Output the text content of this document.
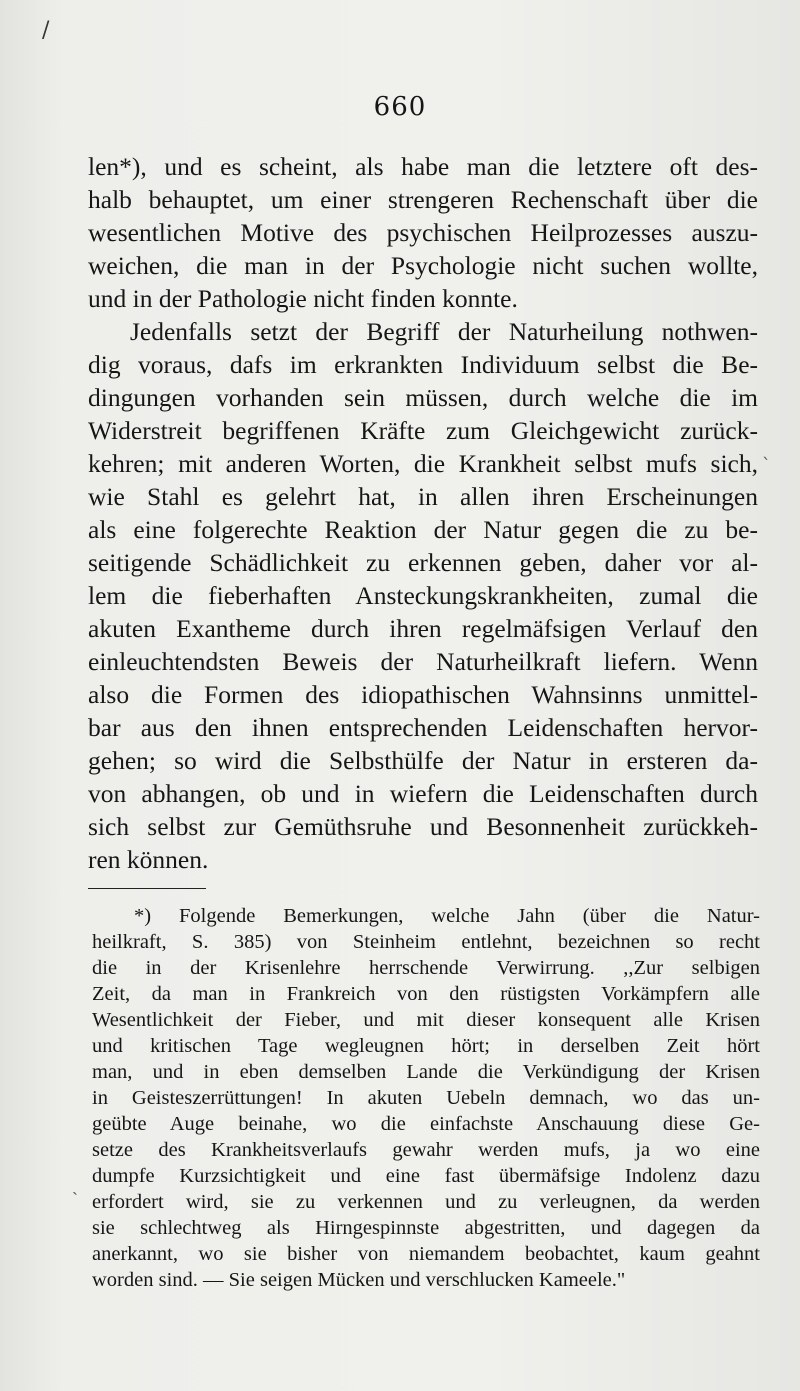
/
660
len*), und es scheint, als habe man die letztere oft des-
halb behauptet, um einer strengeren Rechenschaft über die
wesentlichen Motive des psychischen Heilprozesses auszu-
weichen, die man in der Psychologie nicht suchen wollte,
und in der Pathologie nicht finden konnte.
Jedenfalls setzt der Begriff der Naturheilung nothwen-
dig voraus, dafs im erkrankten Individuum selbst die Be-
dingungen vorhanden sein müssen, durch welche die im
Widerstreit begriffenen Kräfte zum Gleichgewicht zurück-
kehren; mit anderen Worten, die Krankheit selbst mufs sich,
wie Stahl es gelehrt hat, in allen ihren Erscheinungen
als eine folgerechte Reaktion der Natur gegen die zu be-
seitigende Schädlichkeit zu erkennen geben, daher vor al-
lem die fieberhaften Ansteckungskrankheiten, zumal die
akuten Exantheme durch ihren regelmäfsigen Verlauf den
einleuchtendsten Beweis der Naturheilkraft liefern. Wenn
also die Formen des idiopathischen Wahnsinns unmittel-
bar aus den ihnen entsprechenden Leidenschaften hervor-
gehen; so wird die Selbsthülfe der Natur in ersteren da-
von abhangen, ob und in wiefern die Leidenschaften durch
sich selbst zur Gemüthsruhe und Besonnenheit zurückkeh-
ren können.
*) Folgende Bemerkungen, welche Jahn (über die Natur-
heilkraft, S. 385) von Steinheim entlehnt, bezeichnen so recht
die in der Krisenlehre herrschende Verwirrung. ,,Zur selbigen
Zeit, da man in Frankreich von den rüstigsten Vorkämpfern alle
Wesentlichkeit der Fieber, und mit dieser konsequent alle Krisen
und kritischen Tage wegleugnen hört; in derselben Zeit hört
man, und in eben demselben Lande die Verkündigung der Krisen
in Geisteszerrüttungen! In akuten Uebeln demnach, wo das un-
geübte Auge beinahe, wo die einfachste Anschauung diese Ge-
setze des Krankheitsverlaufs gewahr werden mufs, ja wo eine
dumpfe Kurzsichtigkeit und eine fast übermäfsige Indolenz dazu
erfordert wird, sie zu verkennen und zu verleugnen, da werden
sie schlechtweg als Hirngespinnste abgestritten, und dagegen da
anerkannt, wo sie bisher von niemandem beobachtet, kaum geahnt
worden sind. — Sie seigen Mücken und verschlucken Kameele."
ˋ
ˏ
